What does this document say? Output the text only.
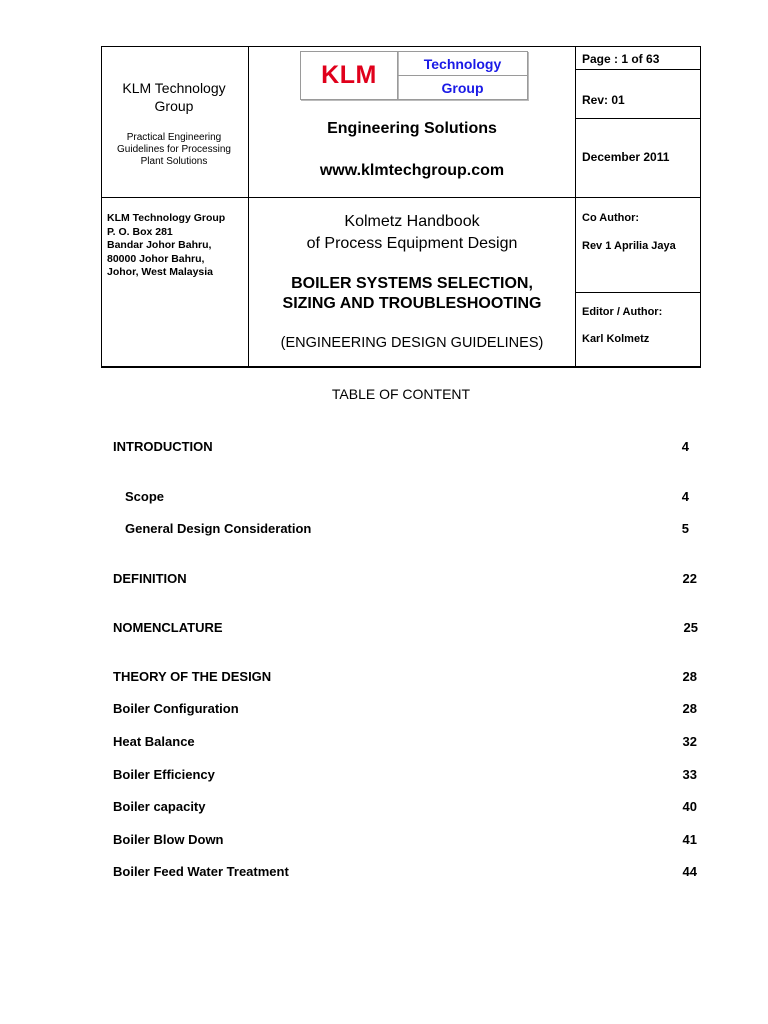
KLM Technology Group
Practical Engineering Guidelines for Processing Plant Solutions
KLM	Technology
Group
Engineering Solutions
www.klmtechgroup.com
Page : 1 of 63
Rev: 01
December 2011
KLM Technology Group
P. O. Box 281
Bandar Johor Bahru,
80000 Johor Bahru,
Johor, West Malaysia
Kolmetz Handbook
of Process Equipment Design
BOILER SYSTEMS SELECTION,
SIZING AND TROUBLESHOOTING
(ENGINEERING DESIGN GUIDELINES)
Co Author:
Rev 1 Aprilia Jaya
Editor / Author:
Karl Kolmetz
TABLE OF CONTENT
INTRODUCTION	4
Scope	4
General Design Consideration	5
DEFINITION	22
NOMENCLATURE	25
THEORY OF THE DESIGN	28
Boiler Configuration	28
Heat Balance	32
Boiler Efficiency	33
Boiler capacity	40
Boiler Blow Down	41
Boiler Feed Water Treatment	44
